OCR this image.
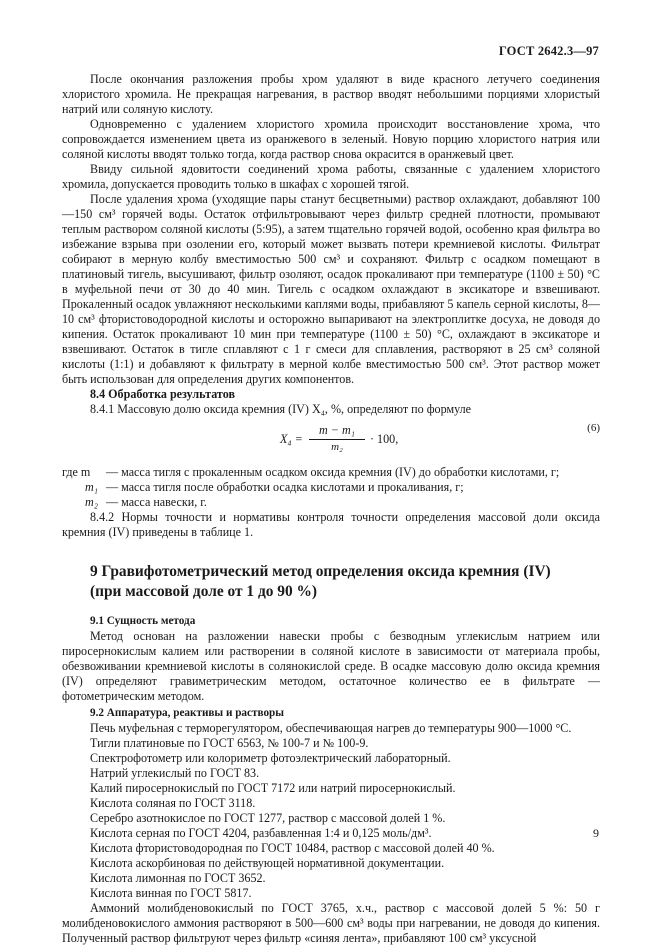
ГОСТ 2642.3—97

После окончания разложения пробы хром удаляют в виде красного летучего соединения хлористого хромила. Не прекращая нагревания, в раствор вводят небольшими порциями хлористый натрий или соляную кислоту.

Одновременно с удалением хлористого хромила происходит восстановление хрома, что сопровождается изменением цвета из оранжевого в зеленый. Новую порцию хлористого натрия или соляной кислоты вводят только тогда, когда раствор снова окрасится в оранжевый цвет.

Ввиду сильной ядовитости соединений хрома работы, связанные с удалением хлористого хромила, допускается проводить только в шкафах с хорошей тягой.

После удаления хрома (уходящие пары станут бесцветными) раствор охлаждают, добавляют 100—150 см³ горячей воды. Остаток отфильтровывают через фильтр средней плотности, промывают теплым раствором соляной кислоты (5:95), а затем тщательно горячей водой, особенно края фильтра во избежание взрыва при озолении его, который может вызвать потери кремниевой кислоты. Фильтрат собирают в мерную колбу вместимостью 500 см³ и сохраняют. Фильтр с осадком помещают в платиновый тигель, высушивают, фильтр озоляют, осадок прокаливают при температуре (1100 ± 50) °С в муфельной печи от 30 до 40 мин. Тигель с осадком охлаждают в эксикаторе и взвешивают. Прокаленный осадок увлажняют несколькими каплями воды, прибавляют 5 капель серной кислоты, 8—10 см³ фтористоводородной кислоты и осторожно выпаривают на электроплитке досуха, не доводя до кипения. Остаток прокаливают 10 мин при температуре (1100 ± 50) °С, охлаждают в эксикаторе и взвешивают. Остаток в тигле сплавляют с 1 г смеси для сплавления, растворяют в 25 см³ соляной кислоты (1:1) и добавляют к фильтрату в мерной колбе вместимостью 500 см³. Этот раствор может быть использован для определения других компонентов.

8.4 Обработка результатов

8.4.1 Массовую долю оксида кремния (IV) X₄, %, определяют по формуле

$X_4 = \frac{\text{m − m₁}}{\text{m₂}} \cdot 100$,
(6)
где m	— масса тигля с прокаленным осадком оксида кремния (IV) до обработки кислотами, г;
m₁ — масса тигля после обработки осадка кислотами и прокаливания, г;
m₂ — масса навески, г.

8.4.2 Нормы точности и нормативы контроля точности определения массовой доли оксида кремния (IV) приведены в таблице 1.

9 Гравифотометрический метод определения оксида кремния (IV)
(при массовой доле от 1 до 90 %)

9.1 Сущность метода

Метод основан на разложении навески пробы с безводным углекислым натрием или пиросернокислым калием или растворении в соляной кислоте в зависимости от материала пробы, обезвоживании кремниевой кислоты в солянокислой среде. В осадке массовую долю оксида кремния (IV) определяют гравиметрическим методом, остаточное количество ее в фильтрате — фотометрическим методом.

9.2 Аппаратура, реактивы и растворы

Печь муфельная с терморегулятором, обеспечивающая нагрев до температуры 900—1000 °С.

Тигли платиновые по ГОСТ 6563, № 100-7 и № 100-9.

Спектрофотометр или колориметр фотоэлектрический лабораторный.

Натрий углекислый по ГОСТ 83.

Калий пиросернокислый по ГОСТ 7172 или натрий пиросернокислый.

Кислота соляная по ГОСТ 3118.

Серебро азотнокислое по ГОСТ 1277, раствор с массовой долей 1 %.

Кислота серная по ГОСТ 4204, разбавленная 1:4 и 0,125 моль/дм³.

Кислота фтористоводородная по ГОСТ 10484, раствор с массовой долей 40 %.

Кислота аскорбиновая по действующей нормативной документации.

Кислота лимонная по ГОСТ 3652.

Кислота винная по ГОСТ 5817.

Аммоний молибденовокислый по ГОСТ 3765, х.ч., раствор с массовой долей 5 %: 50 г молибденовокислого аммония растворяют в 500—600 см³ воды при нагревании, не доводя до кипения. Полученный раствор фильтруют через фильтр «синяя лента», прибавляют 100 см³ уксусной

9
